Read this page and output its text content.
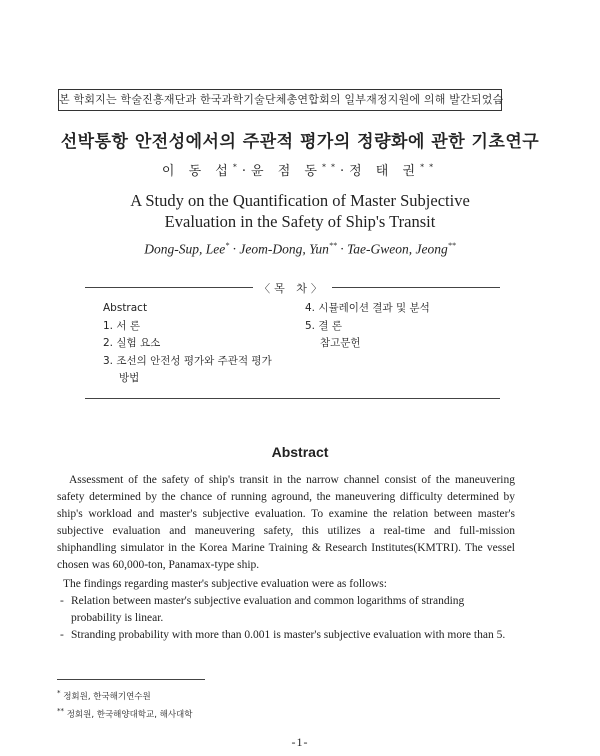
본 학회지는 학술진흥재단과 한국과학기술단체총연합회의 일부재정지원에 의해 발간되었슴
선박통항 안전성에서의 주관적 평가의 정량화에 관한 기초연구
이 동 섭*·윤 점 동**·정 태 권**
A Study on the Quantification of Master Subjective
Evaluation in the Safety of Ship's Transit
Dong-Sup, Lee* · Jeom-Dong, Yun** · Tae-Gweon, Jeong**
〈목 차〉
Abstract
1. 서 론
2. 실험 요소
3. 조선의 안전성 평가와 주관적 평가
방법
4. 시뮬레이션 결과 및 분석
5. 결 론
참고문헌
Abstract

Assessment of the safety of ship's transit in the narrow channel consist of the maneuvering safety determined by the chance of running aground, the maneuvering difficulty determined by ship's workload and master's subjective evaluation. To examine the relation between master's subjective evaluation and maneuvering safety, this utilizes a real-time and full-mission shiphandling simulator in the Korea Marine Training & Research Institutes(KMTRI). The vessel chosen was 60,000-ton, Panamax-type ship.

The findings regarding master's subjective evaluation were as follows:

- Relation between master's subjective evaluation and common logarithms of stranding probability is linear.
- Stranding probability with more than 0.001 is master's subjective evaluation with more than 5.
* 정회원, 한국해기연수원
** 정회원, 한국해양대학교, 해사대학
-1-
